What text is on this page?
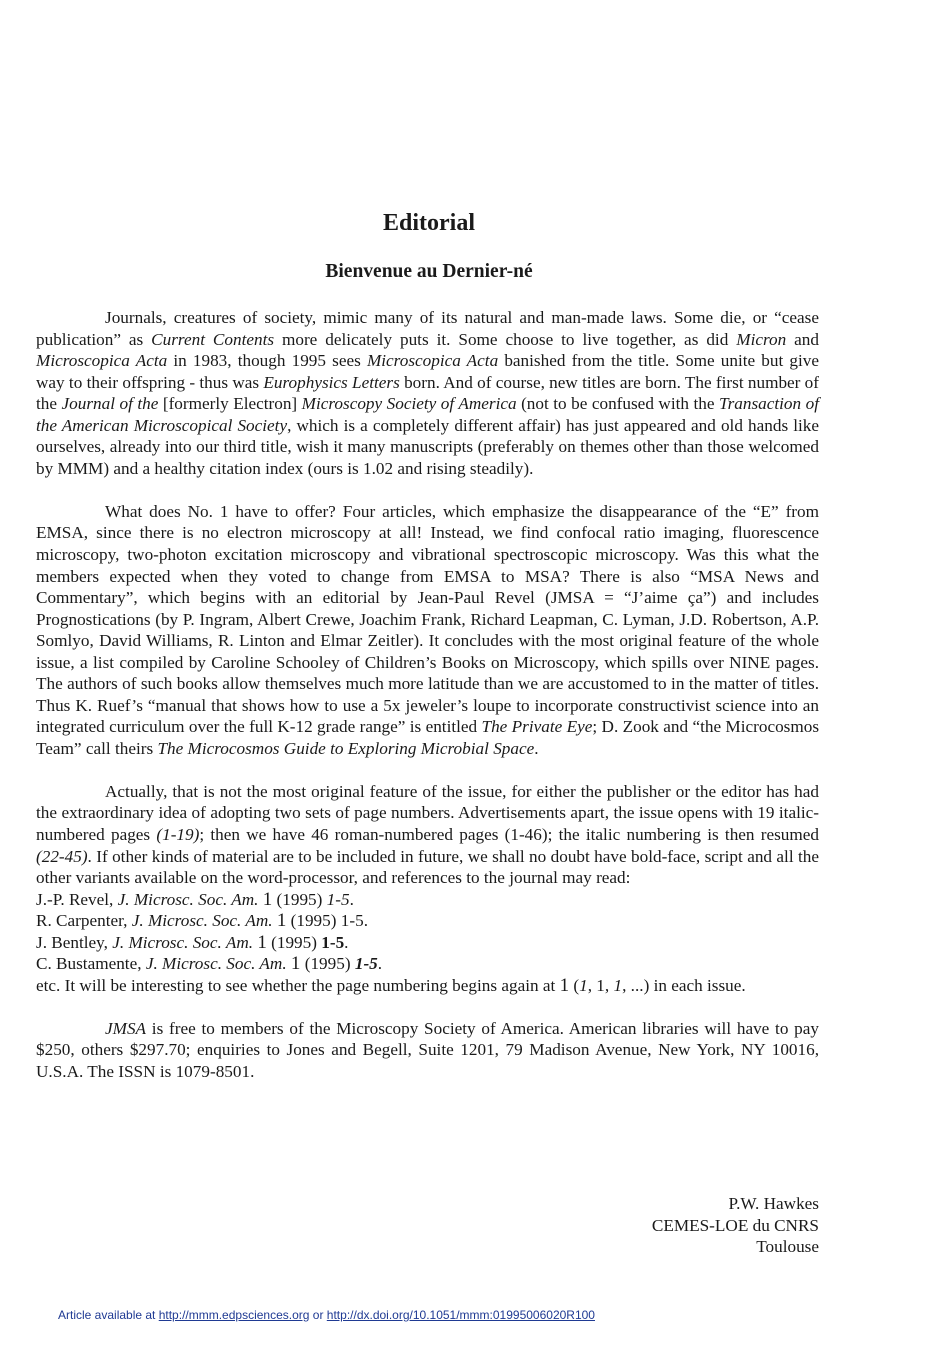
Editorial
Bienvenue au Dernier-né

Journals, creatures of society, mimic many of its natural and man-made laws. Some die, or “cease publication” as Current Contents more delicately puts it. Some choose to live together, as did Micron and Microscopica Acta in 1983, though 1995 sees Microscopica Acta banished from the title. Some unite but give way to their offspring - thus was Europhysics Letters born. And of course, new titles are born. The first number of the Journal of the [formerly Electron] Microscopy Society of America (not to be confused with the Transaction of the American Microscopical Society, which is a completely different affair) has just appeared and old hands like ourselves, already into our third title, wish it many manuscripts (preferably on themes other than those welcomed by MMM) and a healthy citation index (ours is 1.02 and rising steadily).

What does No. 1 have to offer? Four articles, which emphasize the disappearance of the “E” from EMSA, since there is no electron microscopy at all! Instead, we find confocal ratio imaging, fluorescence microscopy, two-photon excitation microscopy and vibrational spectroscopic microscopy. Was this what the members expected when they voted to change from EMSA to MSA? There is also “MSA News and Commentary”, which begins with an editorial by Jean-Paul Revel (JMSA = “J’aime ça”) and includes Prognostications (by P. Ingram, Albert Crewe, Joachim Frank, Richard Leapman, C. Lyman, J.D. Robertson, A.P. Somlyo, David Williams, R. Linton and Elmar Zeitler). It concludes with the most original feature of the whole issue, a list compiled by Caroline Schooley of Children’s Books on Microscopy, which spills over NINE pages. The authors of such books allow themselves much more latitude than we are accustomed to in the matter of titles. Thus K. Ruef’s “manual that shows how to use a 5x jeweler’s loupe to incorporate constructivist science into an integrated curriculum over the full K-12 grade range” is entitled The Private Eye; D. Zook and “the Microcosmos Team” call theirs The Microcosmos Guide to Exploring Microbial Space.

Actually, that is not the most original feature of the issue, for either the publisher or the editor has had the extraordinary idea of adopting two sets of page numbers. Advertisements apart, the issue opens with 19 italic-numbered pages (1-19); then we have 46 roman-numbered pages (1-46); the italic numbering is then resumed (22-45). If other kinds of material are to be included in future, we shall no doubt have bold-face, script and all the other variants available on the word-processor, and references to the journal may read:

J.-P. Revel, J. Microsc. Soc. Am. 1 (1995) 1-5.

R. Carpenter, J. Microsc. Soc. Am. 1 (1995) 1-5.

J. Bentley, J. Microsc. Soc. Am. 1 (1995) 1-5.

C. Bustamente, J. Microsc. Soc. Am. 1 (1995) 1-5.

etc. It will be interesting to see whether the page numbering begins again at 1 (1, 1, 1, ...) in each issue.

JMSA is free to members of the Microscopy Society of America. American libraries will have to pay $250, others $297.70; enquiries to Jones and Begell, Suite 1201, 79 Madison Avenue, New York, NY 10016, U.S.A. The ISSN is 1079-8501.

P.W. Hawkes
CEMES-LOE du CNRS
Toulouse
Article available at http://mmm.edpsciences.org or http://dx.doi.org/10.1051/mmm:01995006020R100
